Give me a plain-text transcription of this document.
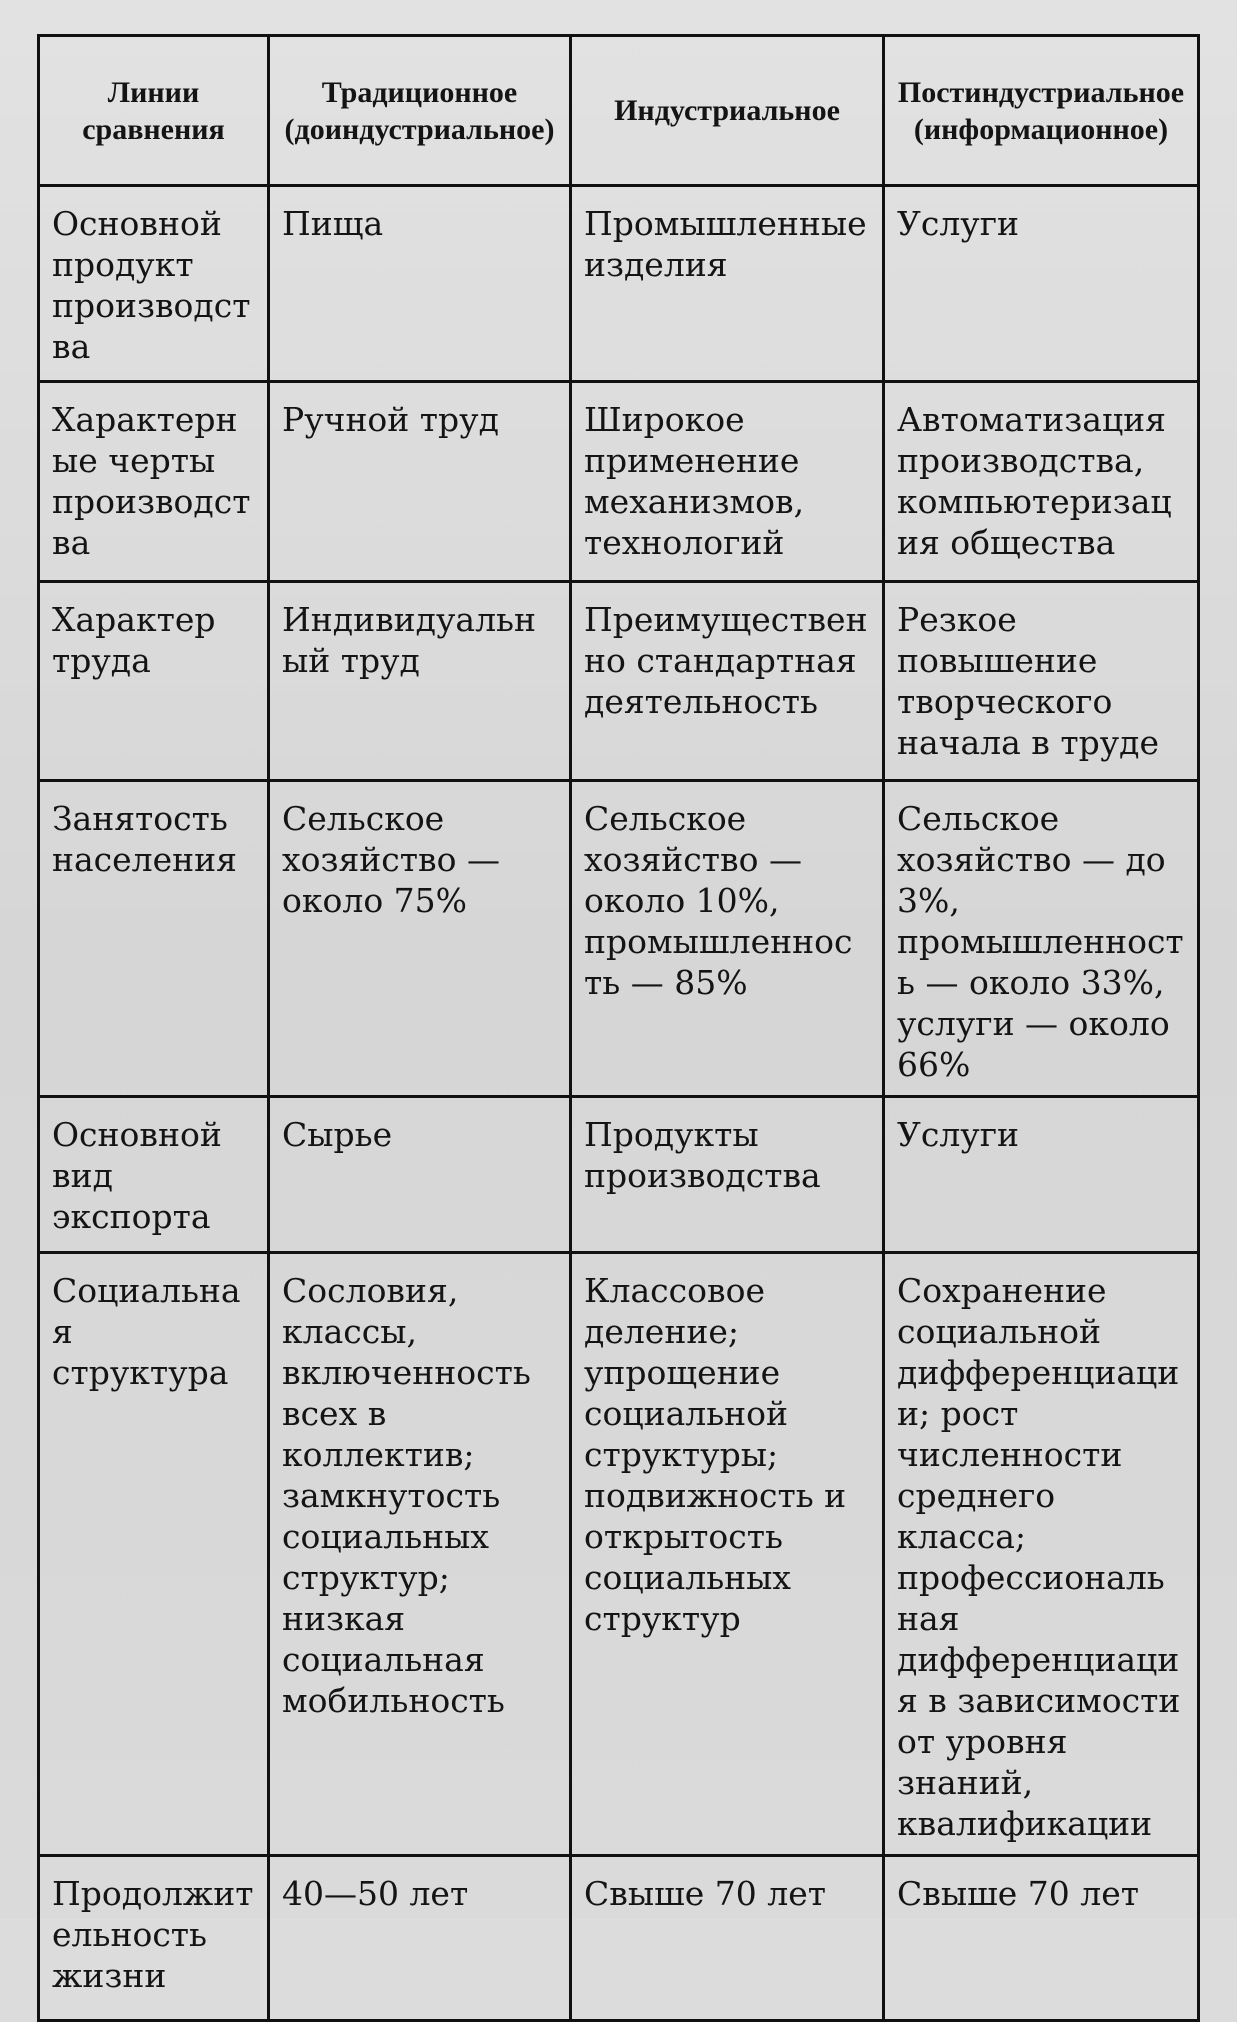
Линии сравнения	Традиционное (доиндустриальное)	Индустриальное	Постиндустриальное (информационное)
Основной продукт производства	Пища	Промышленные изделия	Услуги
Характерные черты производства	Ручной труд	Широкое применение механизмов, технологий	Автоматизация производства, компьютеризация общества
Характер труда	Индивидуальный труд	Преимущественно стандартная деятельность	Резкое повышение творческого начала в труде
Занятость населения	Сельское хозяйство — около 75%	Сельское хозяйство — около 10%, промышленность — 85%	Сельское хозяйство — до 3%, промышленность — около 33%, услуги — около 66%
Основной вид экспорта	Сырье	Продукты производства	Услуги
Социальная структура	Сословия, классы, включенность всех в коллектив; замкнутость социальных структур; низкая социальная мобильность	Классовое деление; упрощение социальной структуры; подвижность и открытость социальных структур	Сохранение социальной дифференциации; рост численности среднего класса; профессиональная дифференциация в зависимости от уровня знаний, квалификации
Продолжительность жизни	40—50 лет	Свыше 70 лет	Свыше 70 лет
